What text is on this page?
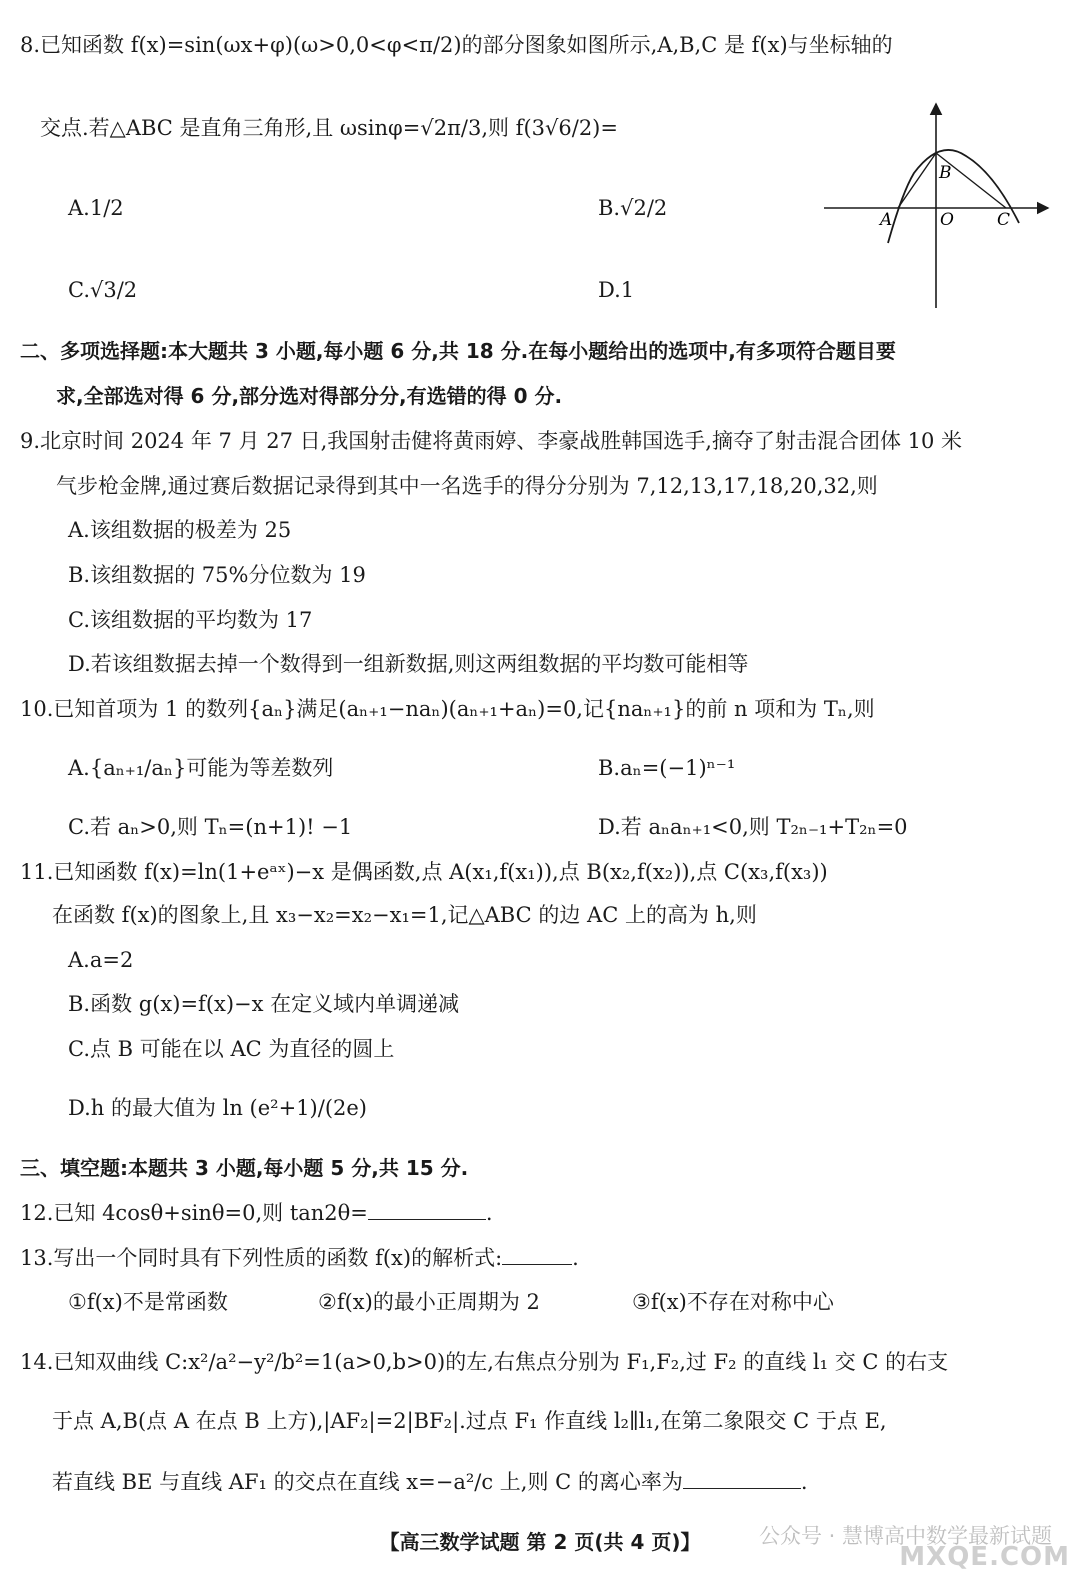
8.已知函数 f(x)=sin(ωx+φ)(ω>0,0<φ<π/2)的部分图象如图所示,A,B,C 是 f(x)与坐标轴的
交点.若△ABC 是直角三角形,且 ωsinφ=√2π/3,则 f(3√6/2)=
A.1/2	B.√2/2
C.√3/2	D.1
A
B
O	C
二、多项选择题:本大题共 3 小题,每小题 6 分,共 18 分.在每小题给出的选项中,有多项符合题目要
求,全部选对得 6 分,部分选对得部分分,有选错的得 0 分.
9.北京时间 2024 年 7 月 27 日,我国射击健将黄雨婷、李豪战胜韩国选手,摘夺了射击混合团体 10 米
气步枪金牌,通过赛后数据记录得到其中一名选手的得分分别为 7,12,13,17,18,20,32,则
A.该组数据的极差为 25
B.该组数据的 75%分位数为 19
C.该组数据的平均数为 17
D.若该组数据去掉一个数得到一组新数据,则这两组数据的平均数可能相等
10.已知首项为 1 的数列{aₙ}满足(aₙ₊₁−naₙ)(aₙ₊₁+aₙ)=0,记{naₙ₊₁}的前 n 项和为 Tₙ,则
A.{aₙ₊₁/aₙ}可能为等差数列	B.aₙ=(−1)ⁿ⁻¹
C.若 aₙ>0,则 Tₙ=(n+1)! −1	D.若 aₙaₙ₊₁<0,则 T₂ₙ₋₁+T₂ₙ=0
11.已知函数 f(x)=ln(1+eᵃˣ)−x 是偶函数,点 A(x₁,f(x₁)),点 B(x₂,f(x₂)),点 C(x₃,f(x₃))
在函数 f(x)的图象上,且 x₃−x₂=x₂−x₁=1,记△ABC 的边 AC 上的高为 h,则
A.a=2
B.函数 g(x)=f(x)−x 在定义域内单调递减
C.点 B 可能在以 AC 为直径的圆上
D.h 的最大值为 ln (e²+1)/(2e)
三、填空题:本题共 3 小题,每小题 5 分,共 15 分.
12.已知 4cosθ+sinθ=0,则 tan2θ=	.
13.写出一个同时具有下列性质的函数 f(x)的解析式:	.
①f(x)不是常函数	②f(x)的最小正周期为 2	③f(x)不存在对称中心
14.已知双曲线 C:x²/a²−y²/b²=1(a>0,b>0)的左,右焦点分别为 F₁,F₂,过 F₂ 的直线 l₁ 交 C 的右支
于点 A,B(点 A 在点 B 上方),|AF₂|=2|BF₂|.过点 F₁ 作直线 l₂∥l₁,在第二象限交 C 于点 E,
若直线 BE 与直线 AF₁ 的交点在直线 x=−a²/c 上,则 C 的离心率为	.
【高三数学试题 第 2 页(共 4 页)】	公众号 · 慧博高中数学最新试题
MXQE.COM
